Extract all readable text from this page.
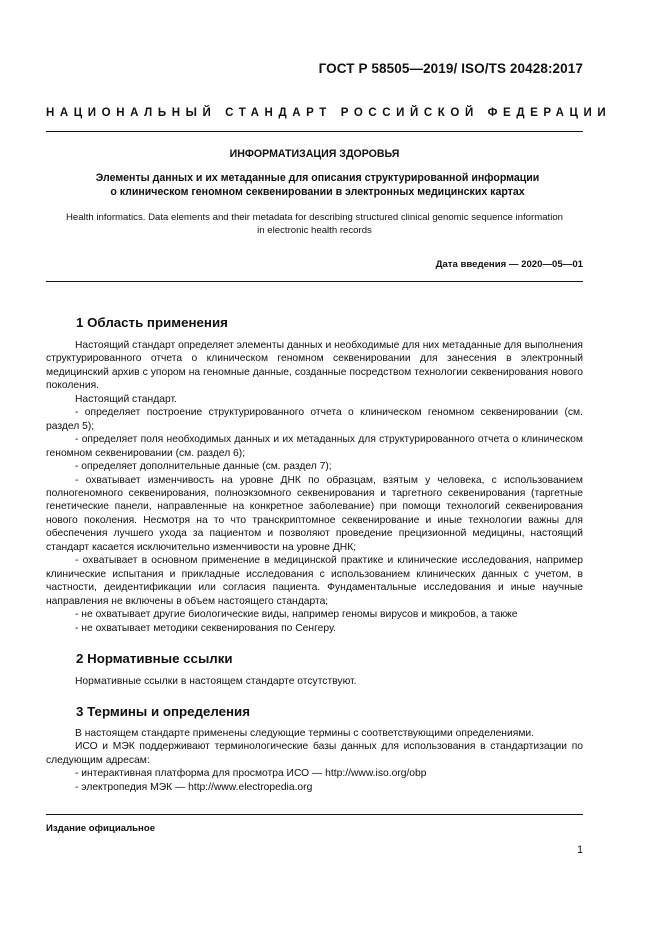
ГОСТ Р 58505—2019/ ISO/TS 20428:2017
НАЦИОНАЛЬНЫЙ СТАНДАРТ РОССИЙСКОЙ ФЕДЕРАЦИИ
ИНФОРМАТИЗАЦИЯ ЗДОРОВЬЯ
Элементы данных и их метаданные для описания структурированной информации
о клиническом геномном секвенировании в электронных медицинских картах
Health informatics. Data elements and their metadata for describing structured clinical genomic sequence information
in electronic health records
Дата введения — 2020—05—01
1 Область применения

Настоящий стандарт определяет элементы данных и необходимые для них метаданные для выполнения структурированного отчета о клиническом геномном секвенировании для занесения в электронный медицинский архив с упором на геномные данные, созданные посредством технологии секвенирования нового поколения.

Настоящий стандарт.

- определяет построение структурированного отчета о клиническом геномном секвенировании (см. раздел 5);

- определяет поля необходимых данных и их метаданных для структурированного отчета о клиническом геномном секвенировании (см. раздел 6);

- определяет дополнительные данные (см. раздел 7);

- охватывает изменчивость на уровне ДНК по образцам, взятым у человека, с использованием полногеномного секвенирования, полноэкзомного секвенирования и таргетного секвенирования (таргетные генетические панели, направленные на конкретное заболевание) при помощи технологий секвенирования нового поколения. Несмотря на то что транскриптомное секвенирование и иные технологии важны для обеспечения лучшего ухода за пациентом и позволяют проведение прецизионной медицины, настоящий стандарт касается исключительно изменчивости на уровне ДНК;

- охватывает в основном применение в медицинской практике и клинические исследования, например клинические испытания и прикладные исследования с использованием клинических данных с учетом, в частности, деидентификации или согласия пациента. Фундаментальные исследования и иные научные направления не включены в объем настоящего стандарта;

- не охватывает другие биологические виды, например геномы вирусов и микробов, а также

- не охватывает методики секвенирования по Сенгеру.

2 Нормативные ссылки

Нормативные ссылки в настоящем стандарте отсутствуют.

3 Термины и определения

В настоящем стандарте применены следующие термины с соответствующими определениями.

ИСО и МЭК поддерживают терминологические базы данных для использования в стандартизации по следующим адресам:

- интерактивная платформа для просмотра ИСО — http://www.iso.org/obp

- электропедия МЭК — http://www.electropedia.org

Издание официальное
1
